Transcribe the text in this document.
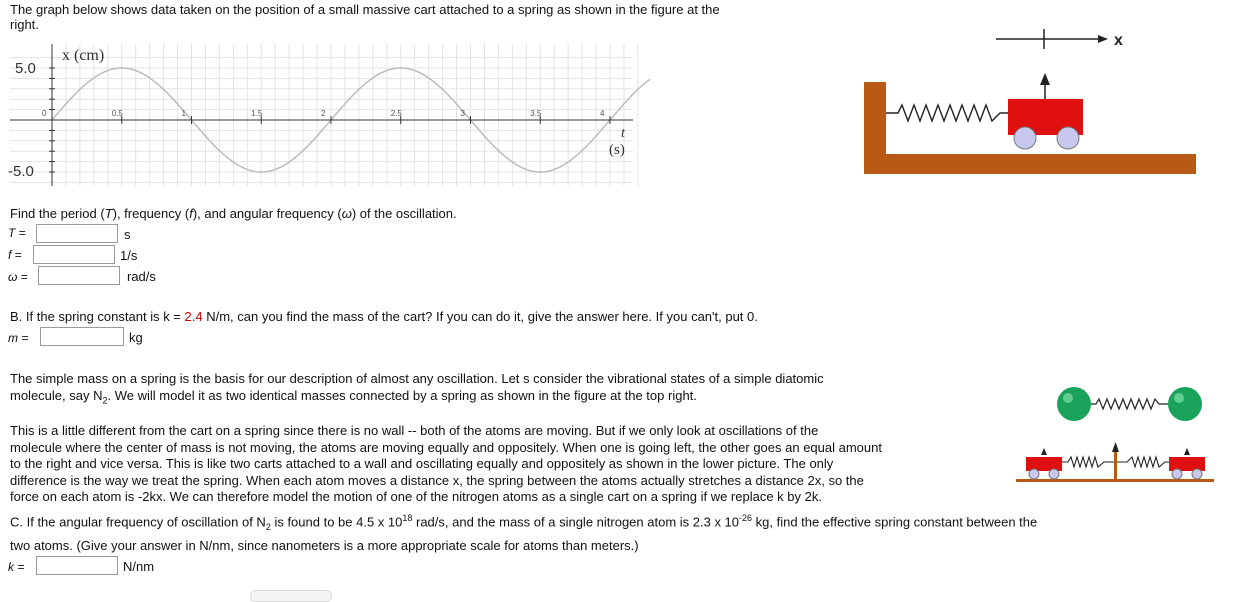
The graph below shows data taken on the position of a small massive cart attached to a spring as shown in the figure at the
right.
0	0.5	1	1.5	2	2.5	3	3.5	4
x (cm)
5.0
-5.0
t
(s)
x
Find the period (T), frequency (f), and angular frequency (ω) of the oscillation.
T =	s
f =	1/s
ω =	rad/s
B. If the spring constant is k = 2.4 N/m, can you find the mass of the cart? If you can do it, give the answer here. If you can't, put 0.
m =	kg
The simple mass on a spring is the basis for our description of almost any oscillation. Let s consider the vibrational states of a simple diatomic
molecule, say $N_2$. We will model it as two identical masses connected by a spring as shown in the figure at the top right.
This is a little different from the cart on a spring since there is no wall -- both of the atoms are moving. But if we only look at oscillations of the
molecule where the center of mass is not moving, the atoms are moving equally and oppositely. When one is going left, the other goes an equal amount
to the right and vice versa. This is like two carts attached to a wall and oscillating equally and oppositely as shown in the lower picture. The only
difference is the way we treat the spring. When each atom moves a distance x, the spring between the atoms actually stretches a distance 2x, so the
force on each atom is -2kx. We can therefore model the motion of one of the nitrogen atoms as a single cart on a spring if we replace k by 2k.
C. If the angular frequency of oscillation of $N_2$ is found to be 4.5 x $10^{18}$ rad/s, and the mass of a single nitrogen atom is 2.3 x $10^{-26}$ kg, find the effective spring constant between the
two atoms. (Give your answer in N/nm, since nanometers is a more appropriate scale for atoms than meters.)
k =	N/nm
